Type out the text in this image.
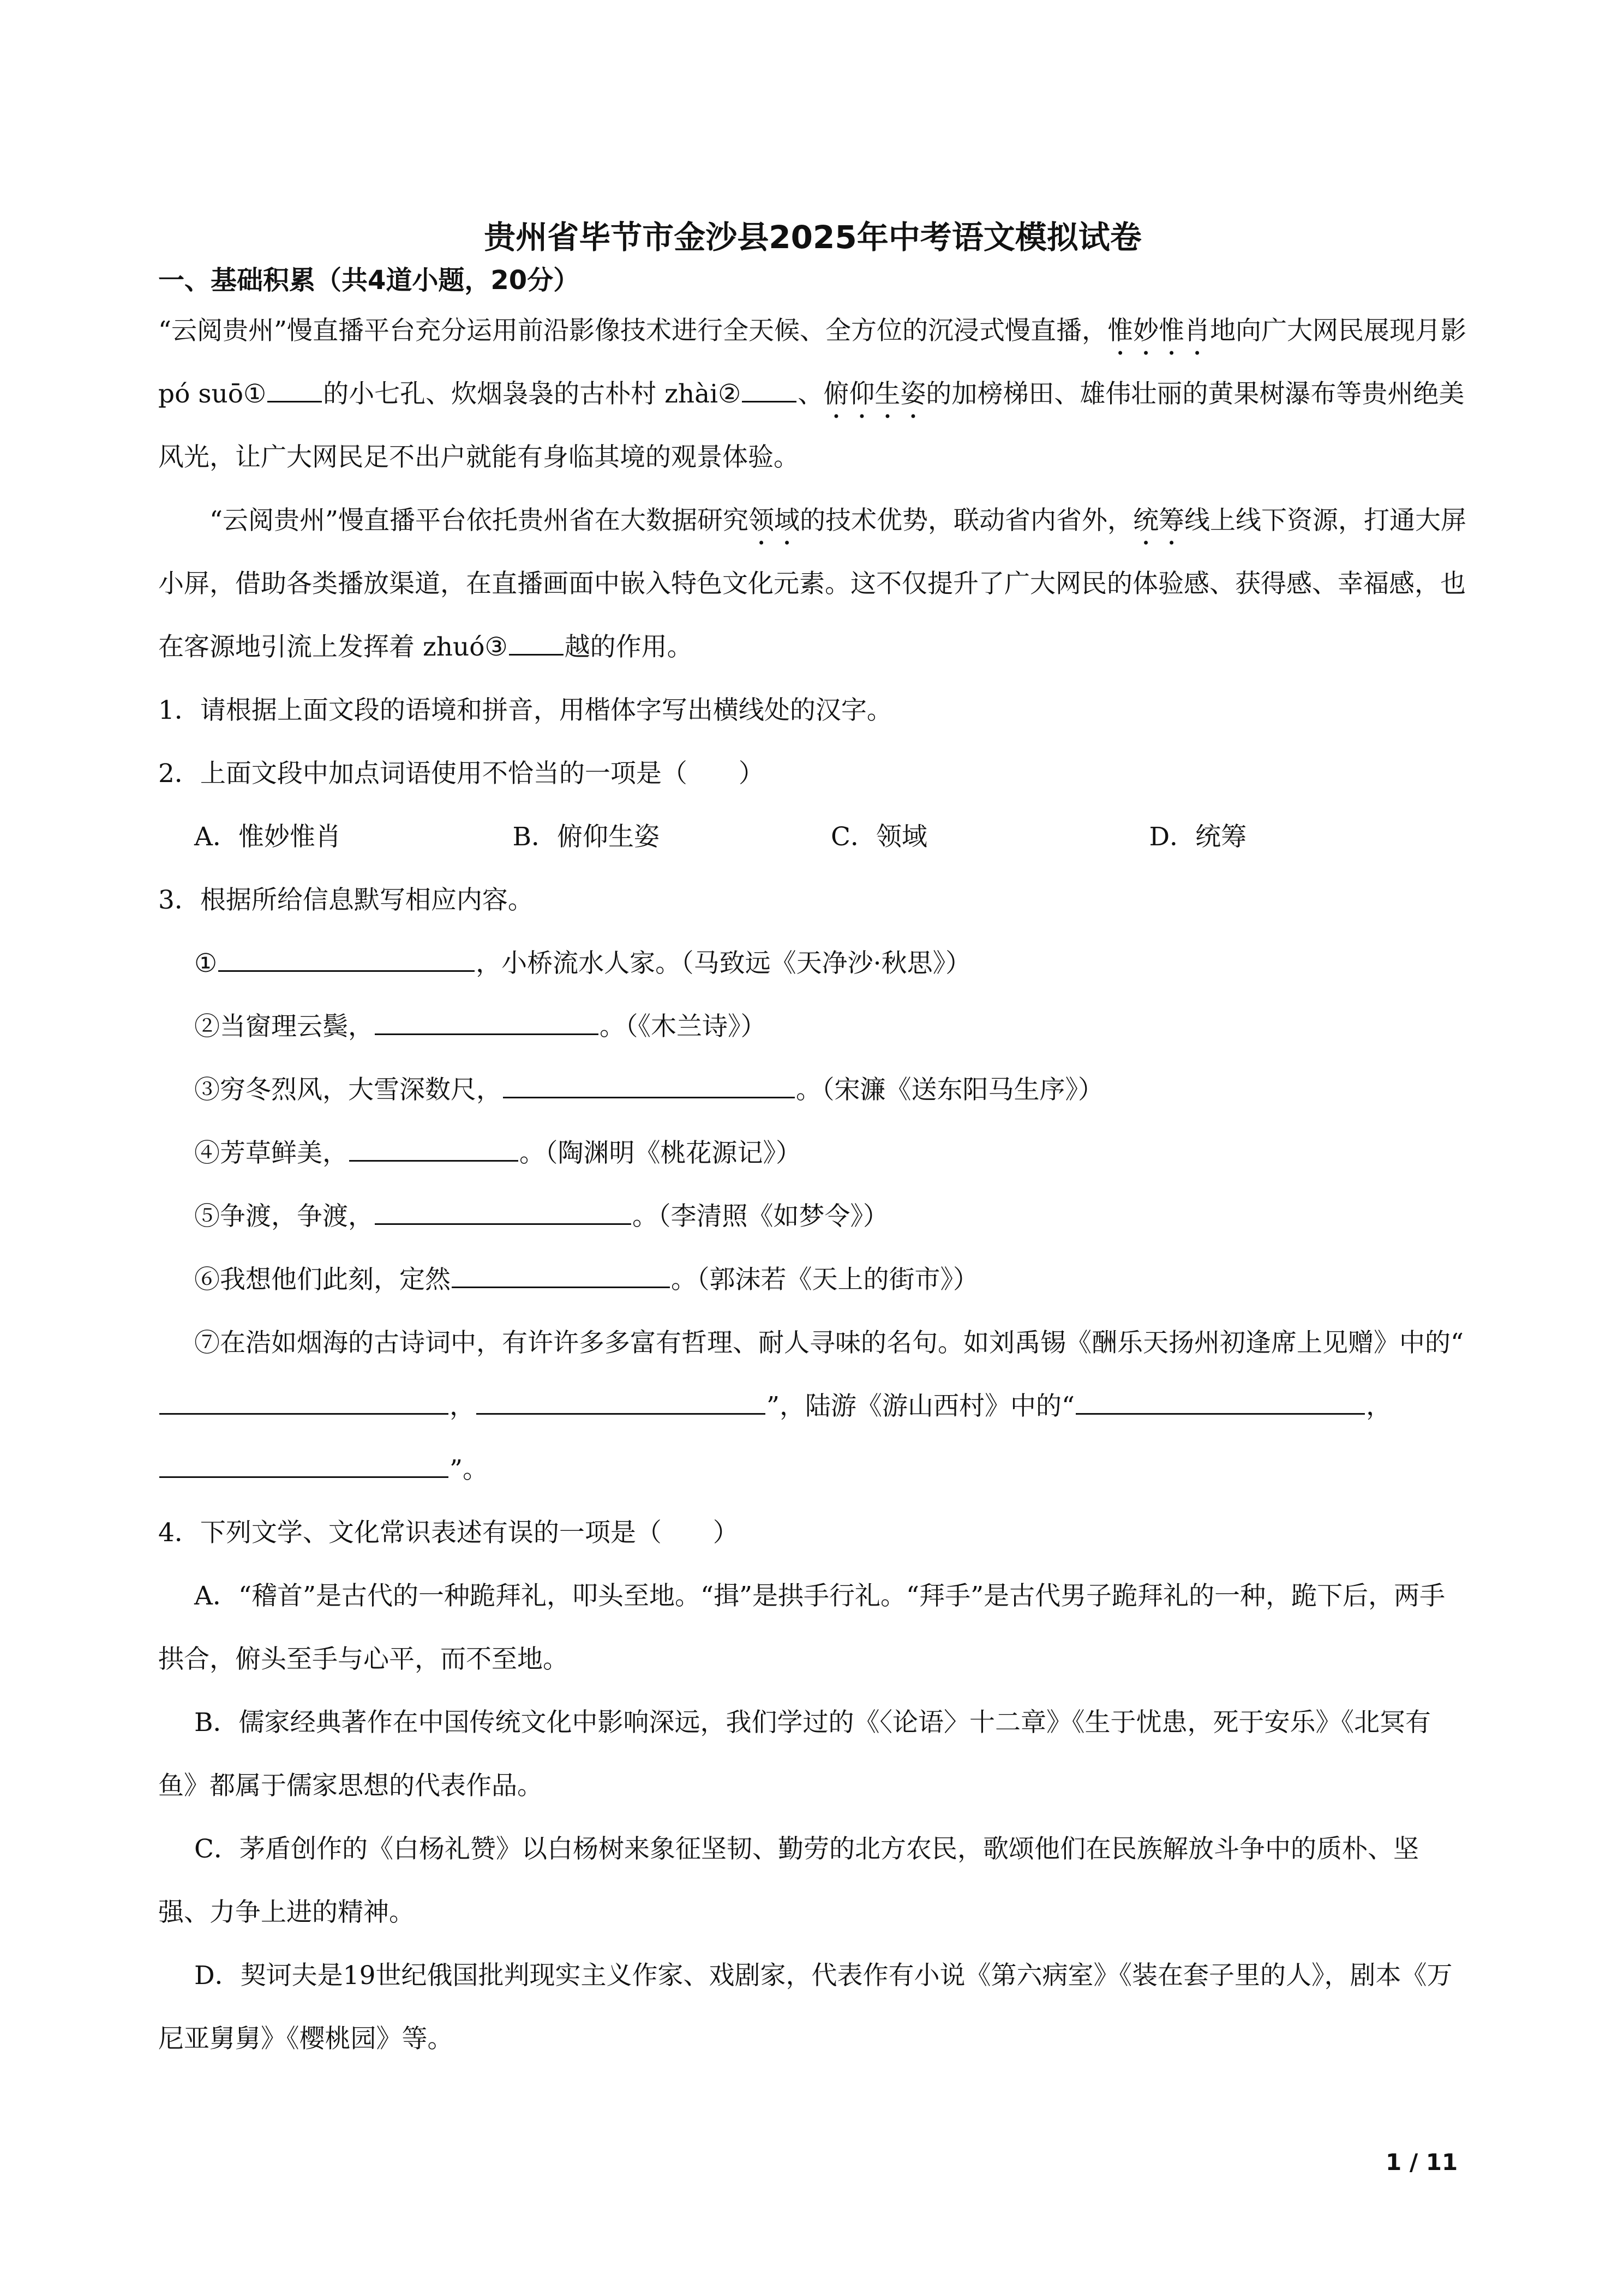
贵州省毕节市金沙县2025年中考语文模拟试卷
一、基础积累（共4道小题，20分）

“云阅贵州”慢直播平台充分运用前沿影像技术进行全天候、全方位的沉浸式慢直播，惟妙惟肖地向广大网民展现月影 pó suō① 的小七孔、炊烟袅袅的古朴村 zhài② 、俯仰生姿的加榜梯田、雄伟壮丽的黄果树瀑布等贵州绝美风光，让广大网民足不出户就能有身临其境的观景体验。

“云阅贵州”慢直播平台依托贵州省在大数据研究领域的技术优势，联动省内省外，统筹线上线下资源，打通大屏小屏，借助各类播放渠道，在直播画面中嵌入特色文化元素。这不仅提升了广大网民的体验感、获得感、幸福感，也在客源地引流上发挥着 zhuó③ 越的作用。

1．请根据上面文段的语境和拼音，用楷体字写出横线处的汉字。

2．上面文段中加点词语使用不恰当的一项是（　　）

A．惟妙惟肖	B．俯仰生姿	C．领域	D．统筹

3．根据所给信息默写相应内容。

①	，小桥流水人家。（马致远《天净沙·秋思》）

②当窗理云鬓，	。（《木兰诗》）

③穷冬烈风，大雪深数尺，	。（宋濂《送东阳马生序》）

④芳草鲜美，	。（陶渊明《桃花源记》）

⑤争渡，争渡，	。（李清照《如梦令》）

⑥我想他们此刻，定然	。（郭沫若《天上的街市》）

⑦在浩如烟海的古诗词中，有许许多多富有哲理、耐人寻味的名句。如刘禹锡《酬乐天扬州初逢席上见赠》中的“，	”，陆游《游山西村》中的“	，”。

4．下列文学、文化常识表述有误的一项是（　　）

A．“稽首”是古代的一种跪拜礼，叩头至地。“揖”是拱手行礼。“拜手”是古代男子跪拜礼的一种，跪下后，两手拱合，俯头至手与心平，而不至地。

B．儒家经典著作在中国传统文化中影响深远，我们学过的《〈论语〉十二章》《生于忧患，死于安乐》《北冥有鱼》都属于儒家思想的代表作品。

C．茅盾创作的《白杨礼赞》以白杨树来象征坚韧、勤劳的北方农民，歌颂他们在民族解放斗争中的质朴、坚强、力争上进的精神。

D．契诃夫是19世纪俄国批判现实主义作家、戏剧家，代表作有小说《第六病室》《装在套子里的人》，剧本《万尼亚舅舅》《樱桃园》等。

1 / 11
